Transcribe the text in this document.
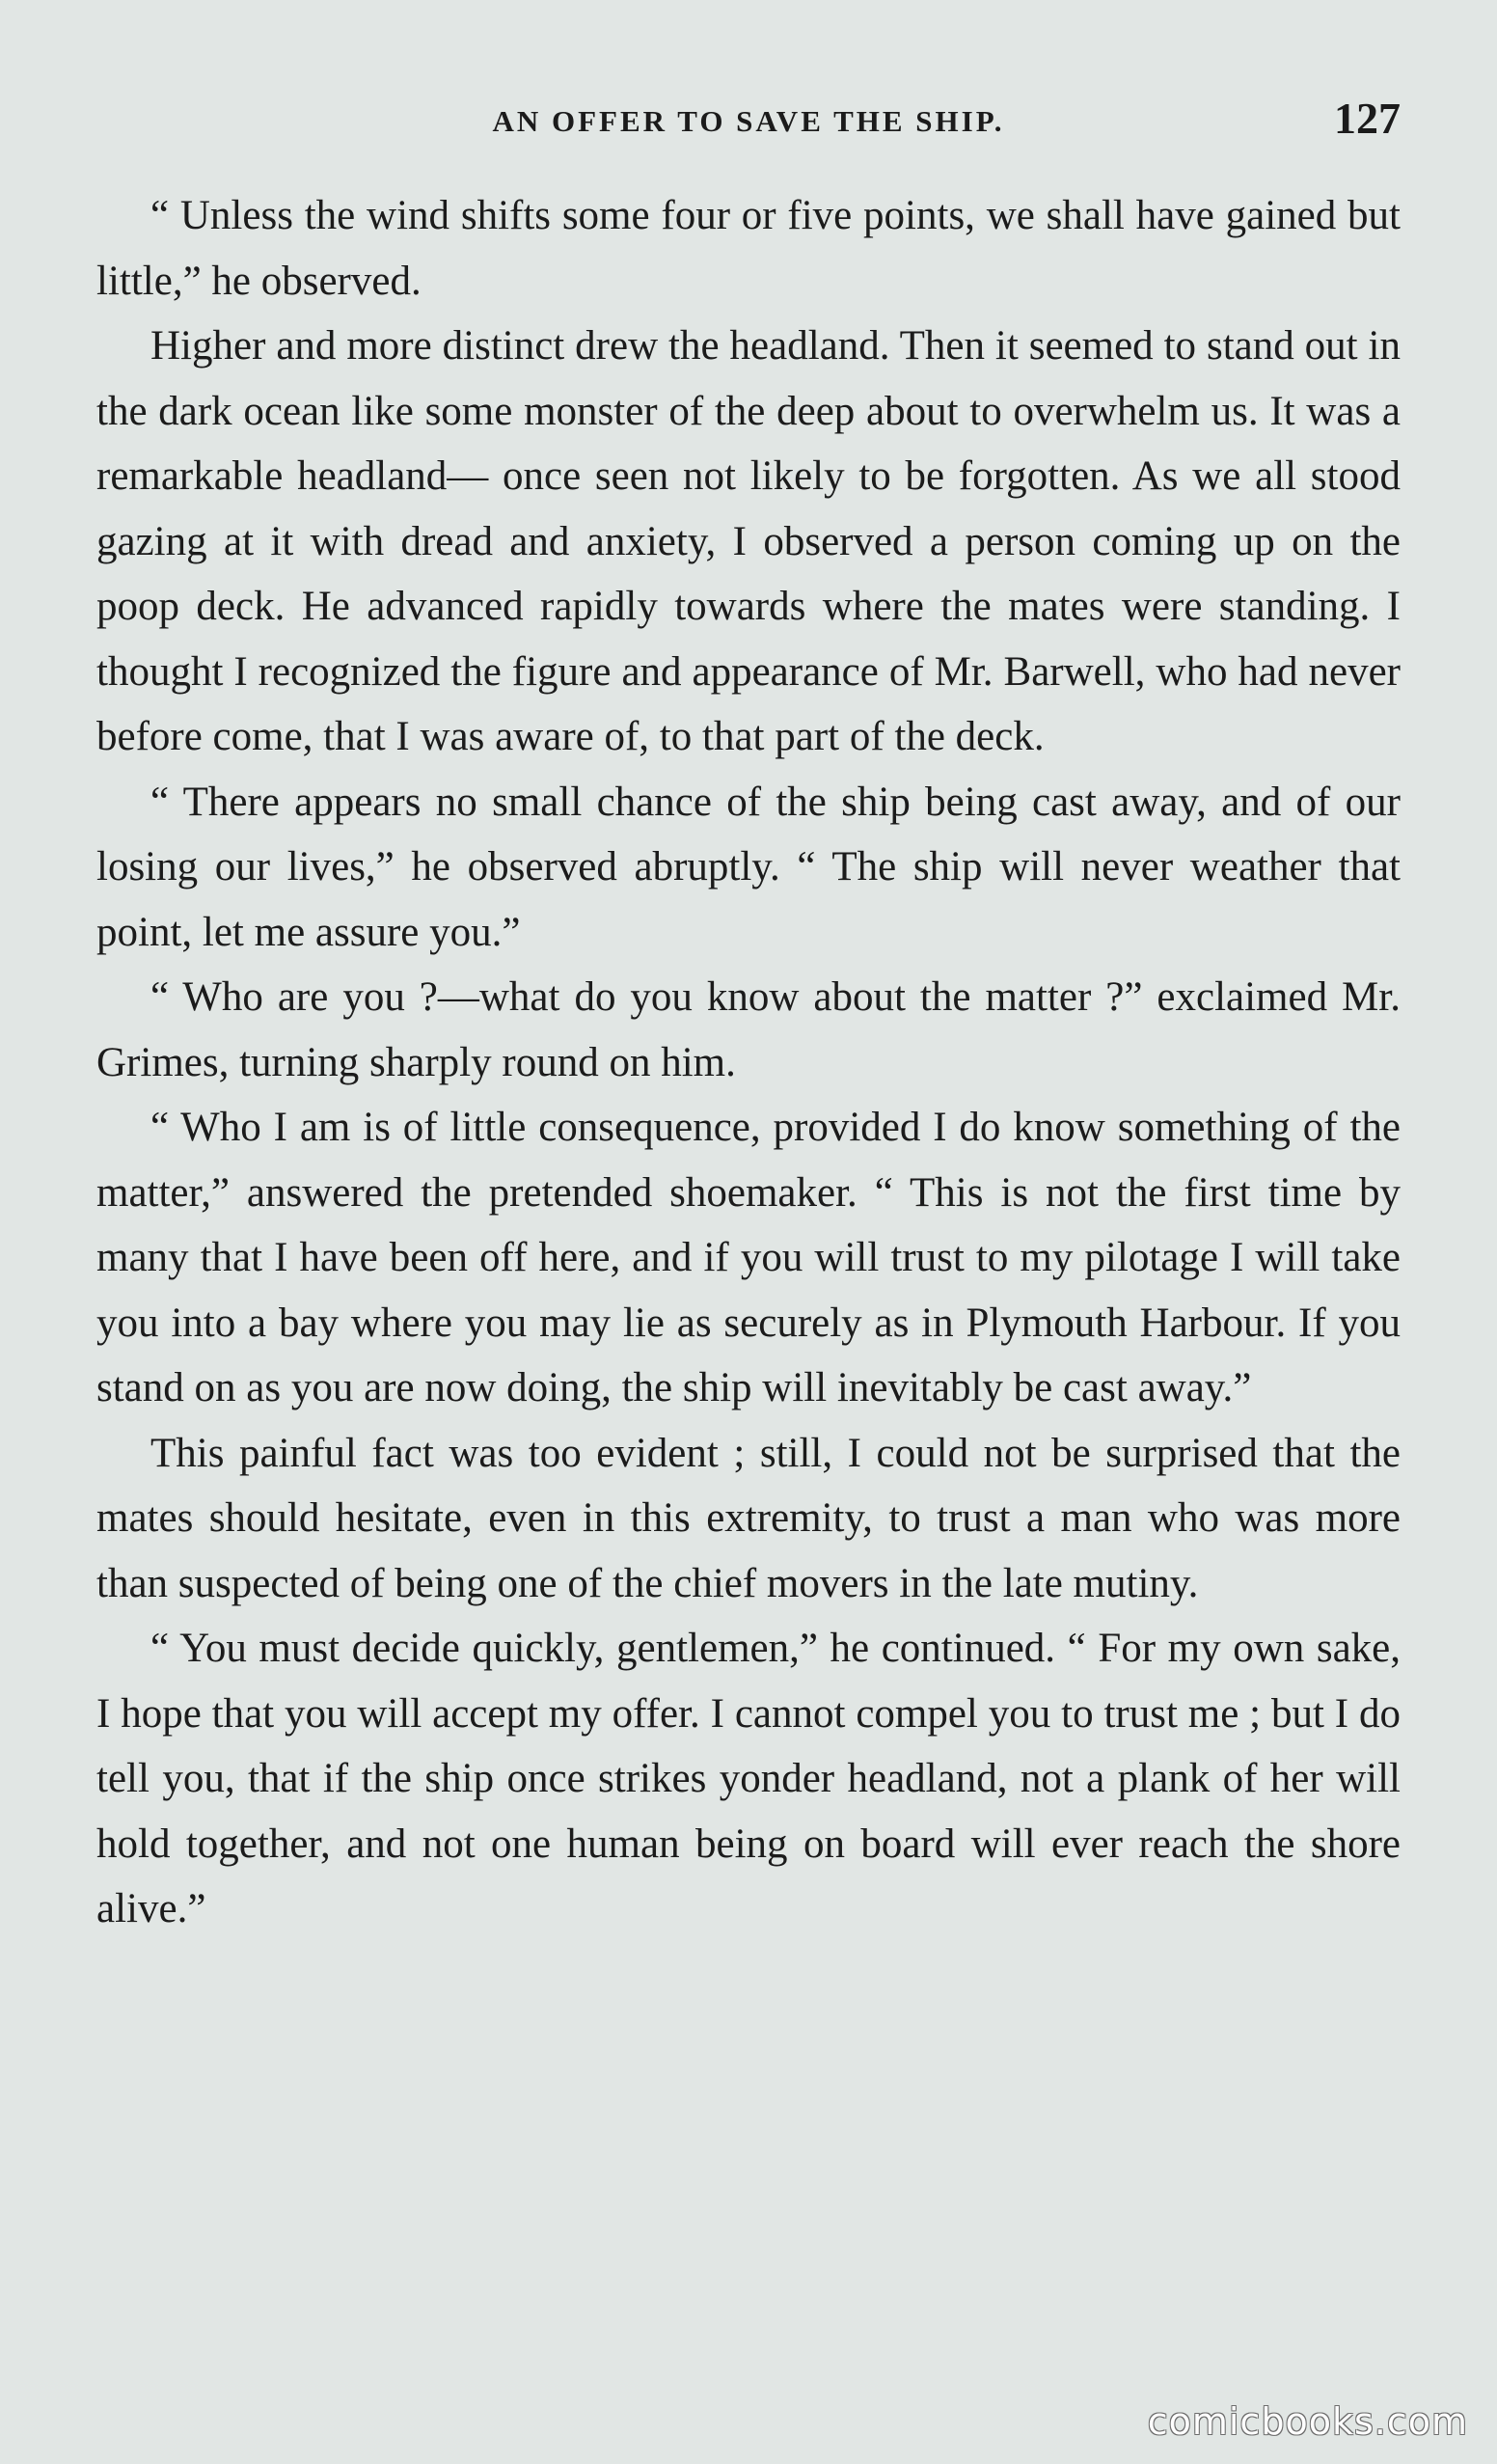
AN OFFER TO SAVE THE SHIP.	127

“ Unless the wind shifts some four or five points, we shall have gained but little,” he observed.

Higher and more distinct drew the headland. Then it seemed to stand out in the dark ocean like some monster of the deep about to overwhelm us. It was a remarkable headland— once seen not likely to be forgotten. As we all stood gazing at it with dread and anxiety, I observed a person coming up on the poop deck. He advanced rapidly towards where the mates were standing. I thought I recognized the figure and appearance of Mr. Barwell, who had never before come, that I was aware of, to that part of the deck.

“ There appears no small chance of the ship being cast away, and of our losing our lives,” he observed abruptly. “ The ship will never weather that point, let me assure you.”

“ Who are you ?—what do you know about the matter ?” exclaimed Mr. Grimes, turning sharply round on him.

“ Who I am is of little consequence, provided I do know something of the matter,” answered the pretended shoemaker. “ This is not the first time by many that I have been off here, and if you will trust to my pilotage I will take you into a bay where you may lie as securely as in Plymouth Harbour. If you stand on as you are now doing, the ship will inevitably be cast away.”

This painful fact was too evident ; still, I could not be surprised that the mates should hesitate, even in this extremity, to trust a man who was more than suspected of being one of the chief movers in the late mutiny.

“ You must decide quickly, gentlemen,” he continued. “ For my own sake, I hope that you will accept my offer. I cannot compel you to trust me ; but I do tell you, that if the ship once strikes yonder headland, not a plank of her will hold together, and not one human being on board will ever reach the shore alive.”

comicbooks.com
